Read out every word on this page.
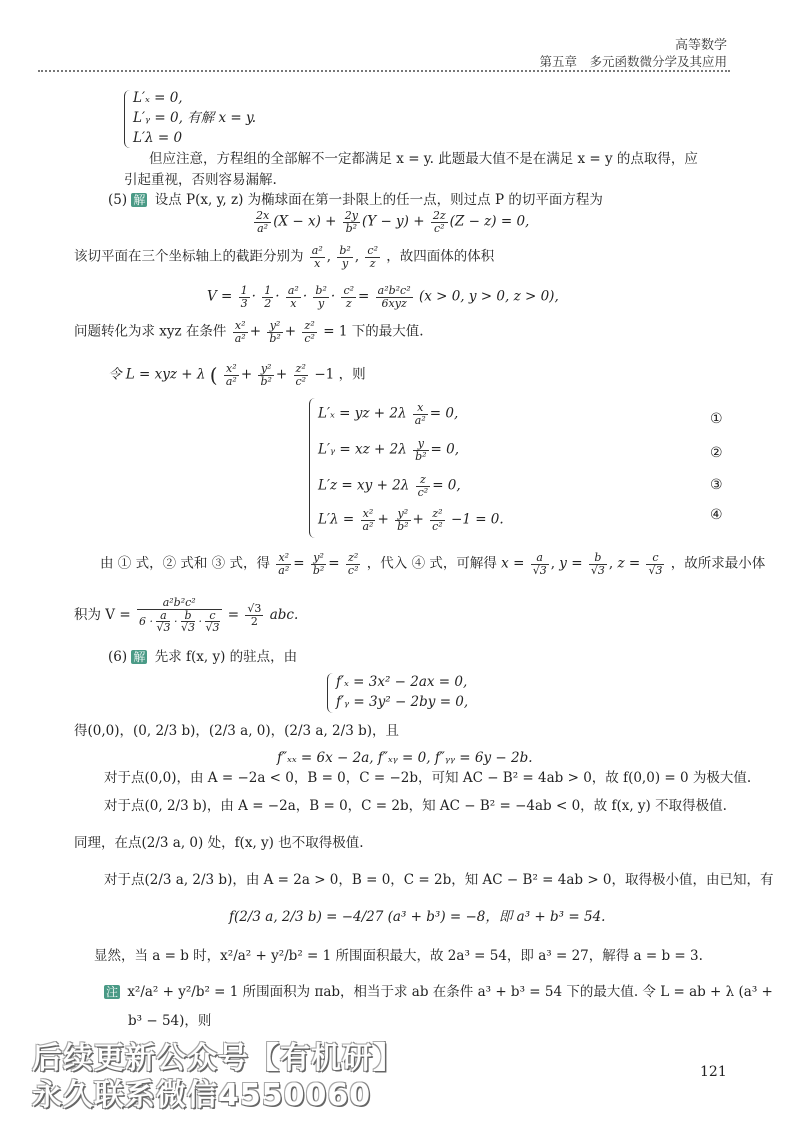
高等数学
第五章　多元函数微分学及其应用
L′ₓ = 0,
L′ᵧ = 0, 有解 x = y.
L′λ = 0
但应注意，方程组的全部解不一定都满足 x = y. 此题最大值不是在满足 x = y 的点取得，应
引起重视，否则容易漏解.
(5) 解 设点 P(x, y, z) 为椭球面在第一卦限上的任一点，则过点 P 的切平面方程为
$\frac{2x}{\text{a²}} (X - x) + \frac{2y}{\text{b²}} (Y - y) + \frac{2z}{\text{c²}} (Z - z) = 0$,
该切平面在三个坐标轴上的截距分别为 $\frac{\text{a²}}{x}$ , $\frac{\text{b²}}{y}$ , $\frac{\text{c²}}{z}$ ，故四面体的体积
$V = \frac{1}{3} \cdot \frac{1}{2} \cdot \frac{\text{a²}}{x} \cdot \frac{\text{b²}}{y} \cdot \frac{\text{c²}}{z} = \frac{\text{a²b²c²}}{\text{6xyz}} (x > 0$, y > 0, z > 0),
问题转化为求 xyz 在条件 $\frac{\text{x²}}{\text{a²}} + \frac{\text{y²}}{\text{b²}} + \frac{\text{z²}}{\text{c²}} = 1$ 下的最大值.
令 L = xyz + λ ( $\frac{\text{x²}}{\text{a²}} + \frac{\text{y²}}{\text{b²}} + \frac{\text{z²}}{\text{c²}} -1$ ，则
L′ₓ = yz + $2\lambda \frac{x}{\text{a²}} = 0$,
L′ᵧ = xz + $2\lambda \frac{y}{\text{b²}} = 0$,
L′z = xy + $2\lambda \frac{z}{\text{c²}} = 0$,
$L'\lambda = \frac{\text{x²}}{\text{a²}} + \frac{\text{y²}}{\text{b²}} + \frac{\text{z²}}{\text{c²}} -1 = 0$.
①
②
③
④
由 ① 式，② 式和 ③ 式，得 $\frac{\text{x²}}{\text{a²}} = \frac{\text{y²}}{\text{b²}} = \frac{\text{z²}}{\text{c²}}$ ，代入 ④ 式，可解得 $x = \frac{a}{√3}$ , $y = \frac{b}{√3}$ , $z = \frac{c}{√3}$ ，故所求最小体
积为 $V = \frac{\text{a²b²c²}}{6 \cdot \frac{a}{√3} \cdot \frac{b}{√3} \cdot \frac{c}{√3}} = \frac{√3}{2}$ abc.
(6) 解 先求 f(x, y) 的驻点，由
f′ₓ = 3x² − 2ax = 0,
f′ᵧ = 3y² − 2by = 0,
得(0,0)，(0, 2/3 b)，(2/3 a, 0)，(2/3 a, 2/3 b)，且
f″ₓₓ = 6x − 2a, f″ₓᵧ = 0, f″ᵧᵧ = 6y − 2b.
对于点(0,0)，由 A = −2a < 0，B = 0，C = −2b，可知 AC − B² = 4ab > 0，故 f(0,0) = 0 为极大值.
对于点(0, 2/3 b)，由 A = −2a，B = 0，C = 2b，知 AC − B² = −4ab < 0，故 f(x, y) 不取得极值.
同理，在点(2/3 a, 0) 处，f(x, y) 也不取得极值.
对于点(2/3 a, 2/3 b)，由 A = 2a > 0，B = 0，C = 2b，知 AC − B² = 4ab > 0，取得极小值，由已知，有
f(2/3 a, 2/3 b) = −4/27 (a³ + b³) = −8，即 a³ + b³ = 54.
显然，当 a = b 时，x²/a² + y²/b² = 1 所围面积最大，故 2a³ = 54，即 a³ = 27，解得 a = b = 3.
注 x²/a² + y²/b² = 1 所围面积为 πab，相当于求 ab 在条件 a³ + b³ = 54 下的最大值. 令 L = ab + λ (a³ +
b³ − 54)，则
后续更新公众号【有机研】
永久联系微信4550060
121
